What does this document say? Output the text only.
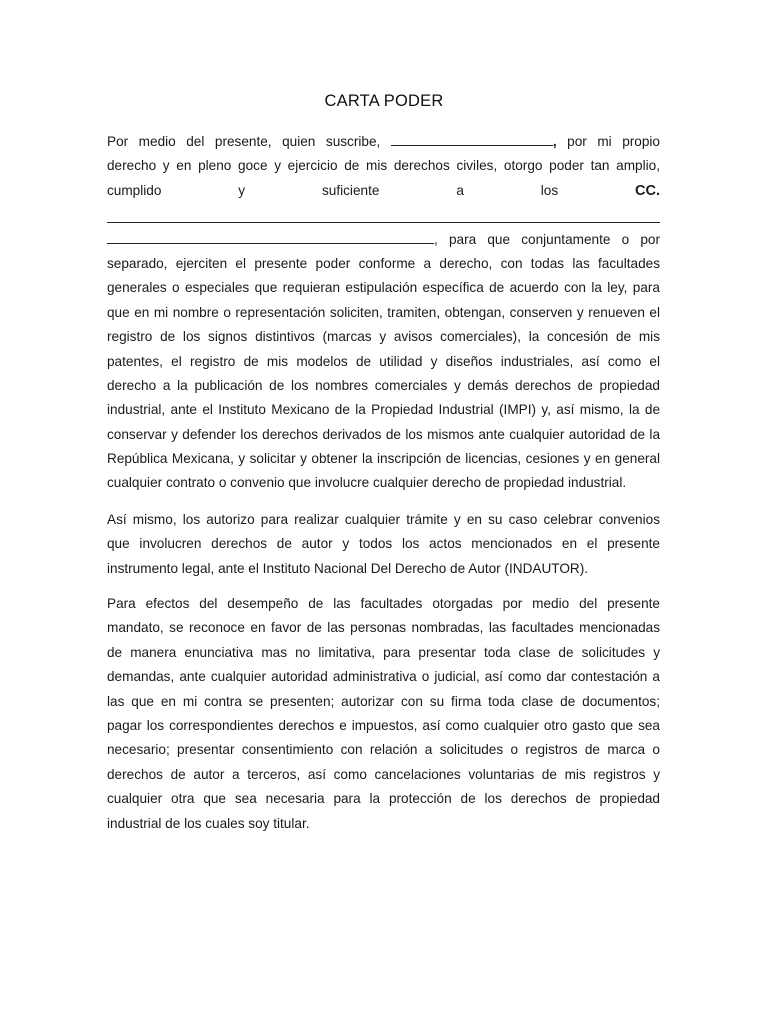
CARTA PODER
Por medio del presente, quien suscribe,	, por mi propio
derecho y en pleno goce y ejercicio de mis derechos civiles, otorgo poder tan amplio,
cumplido	y	suficiente	a	los	CC.
, para que conjuntamente o por
separado, ejerciten el presente poder conforme a derecho, con todas las facultades
generales o especiales que requieran estipulación específica de acuerdo con la ley, para
que en mi nombre o representación soliciten, tramiten, obtengan, conserven y renueven el
registro de los signos distintivos (marcas y avisos comerciales), la concesión de mis
patentes, el registro de mis modelos de utilidad y diseños industriales, así como el
derecho a la publicación de los nombres comerciales y demás derechos de propiedad
industrial, ante el Instituto Mexicano de la Propiedad Industrial (IMPI) y, así mismo, la de
conservar y defender los derechos derivados de los mismos ante cualquier autoridad de la
República Mexicana, y solicitar y obtener la inscripción de licencias, cesiones y en general
cualquier contrato o convenio que involucre cualquier derecho de propiedad industrial.
Así mismo, los autorizo para realizar cualquier trámite y en su caso celebrar convenios
que involucren derechos de autor y todos los actos mencionados en el presente
instrumento legal, ante el Instituto Nacional Del Derecho de Autor (INDAUTOR).
Para efectos del desempeño de las facultades otorgadas por medio del presente
mandato, se reconoce en favor de las personas nombradas, las facultades mencionadas
de manera enunciativa mas no limitativa, para presentar toda clase de solicitudes y
demandas, ante cualquier autoridad administrativa o judicial, así como dar contestación a
las que en mi contra se presenten; autorizar con su firma toda clase de documentos;
pagar los correspondientes derechos e impuestos, así como cualquier otro gasto que sea
necesario; presentar consentimiento con relación a solicitudes o registros de marca o
derechos de autor a terceros, así como cancelaciones voluntarias de mis registros y
cualquier otra que sea necesaria para la protección de los derechos de propiedad
industrial de los cuales soy titular.
